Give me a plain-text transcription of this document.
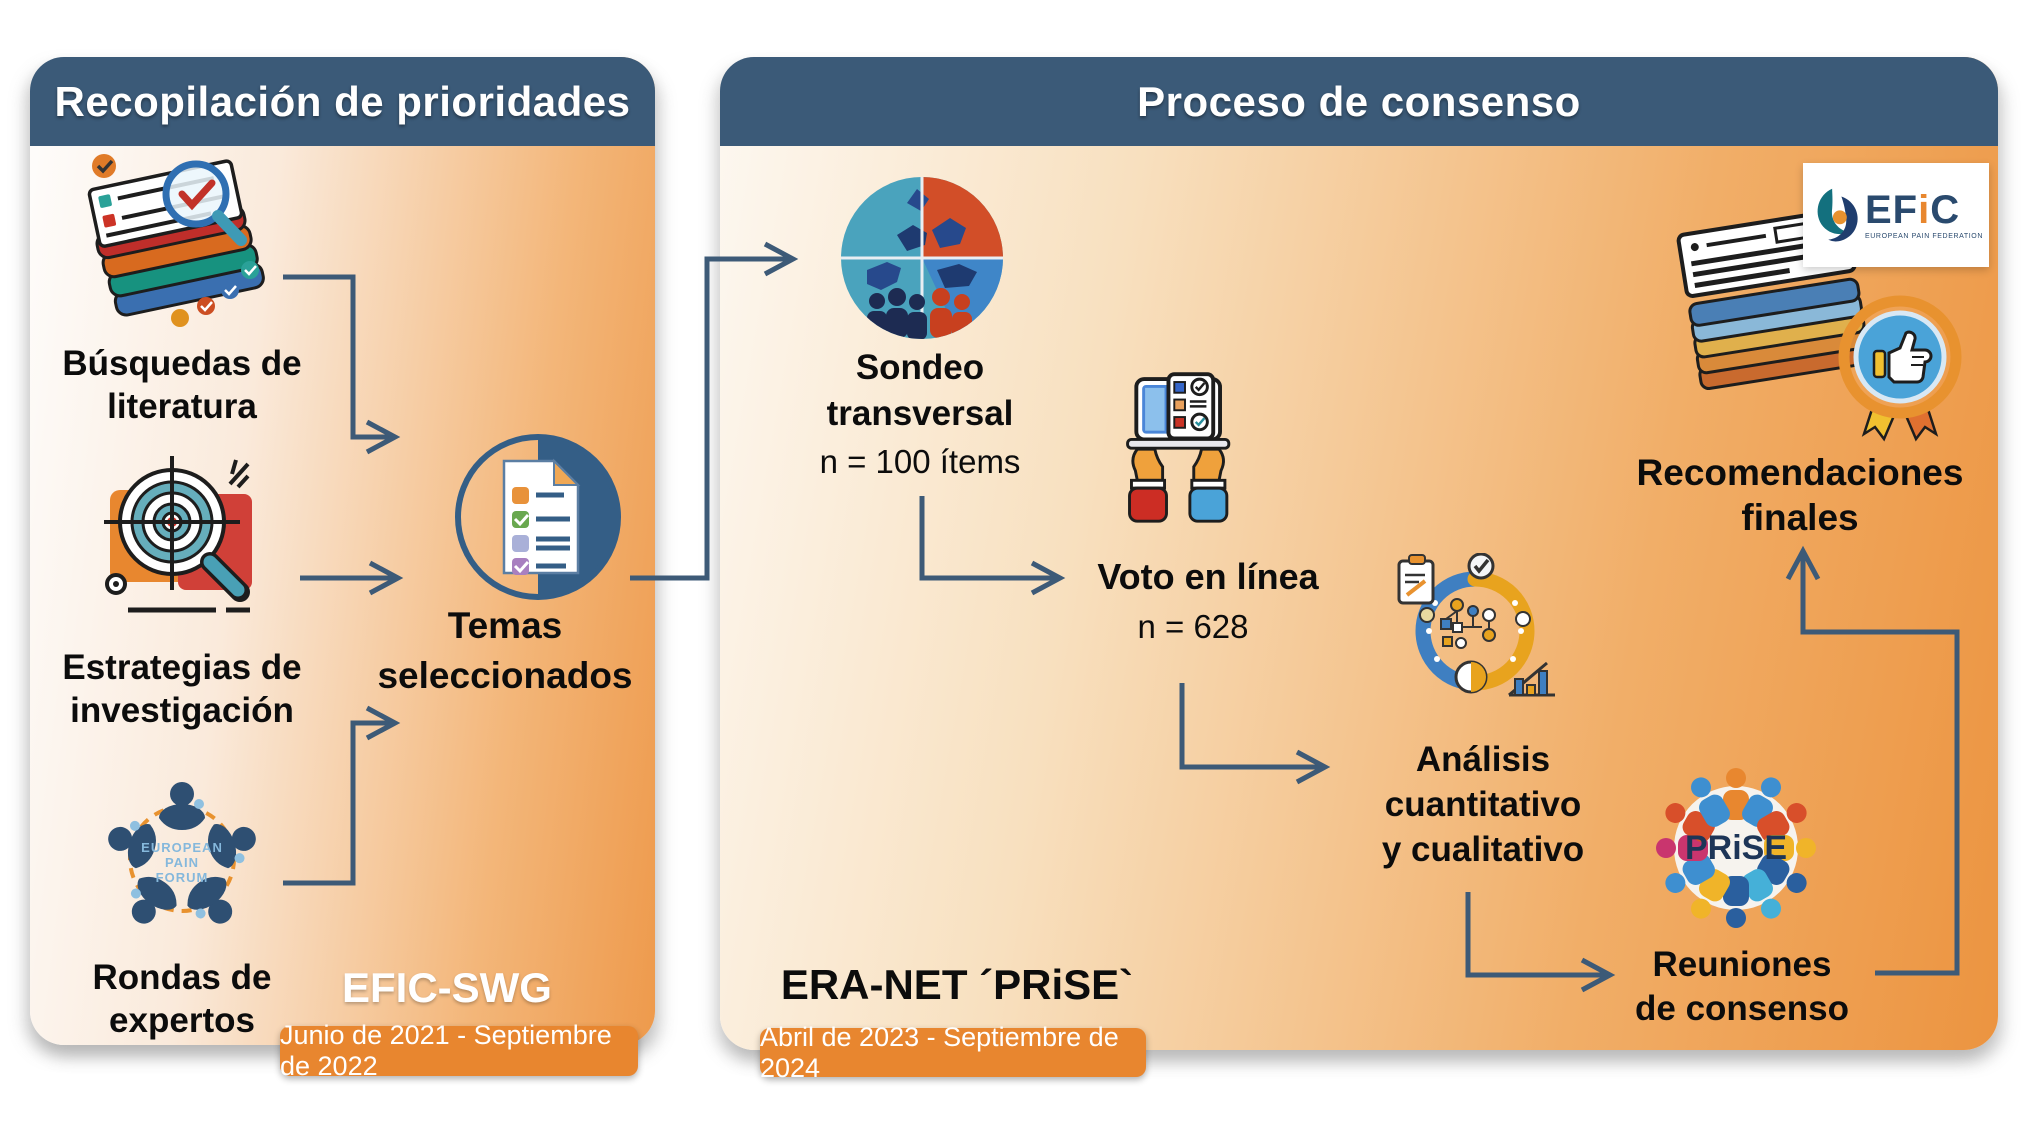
Recopilación de prioridades	Proceso de consenso
Búsquedas de
literatura
Estrategias de
investigación
EUROPEAN
PAIN
FORUM
Rondas de
expertos
Temas
seleccionados
EFIC-SWG
Junio de 2021 - Septiembre de 2022
Sondeo
transversal
n = 100 ítems
Voto en línea
n = 628
Análisis
cuantitativo
y cualitativo	PRiSE
Reuniones
de consenso
Recomendaciones
finales
EFiC
EUROPEAN PAIN FEDERATION
ERA-NET ´PRiSE`
Abril de 2023 - Septiembre de 2024
